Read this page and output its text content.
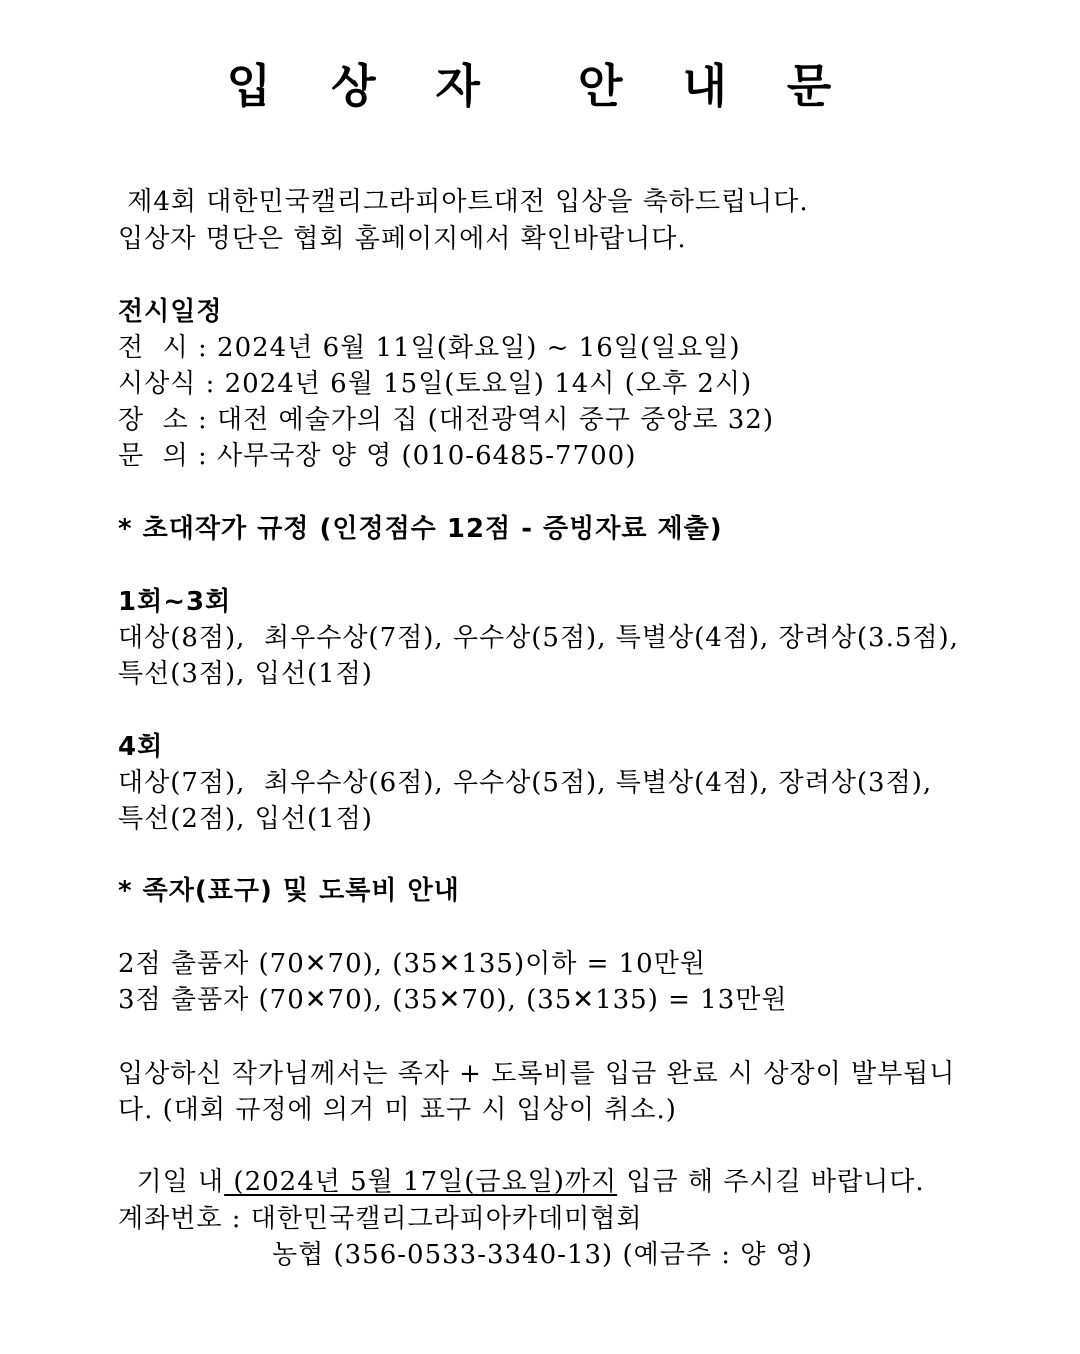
입 상 자  안 내 문
제4회 대한민국캘리그라피아트대전 입상을 축하드립니다.
입상자 명단은 협회 홈페이지에서 확인바랍니다.
전시일정
전  시 : 2024년 6월 11일(화요일) ~ 16일(일요일)
시상식 : 2024년 6월 15일(토요일) 14시 (오후 2시)
장  소 : 대전 예술가의 집 (대전광역시 중구 중앙로 32)
문  의 : 사무국장 양 영 (010-6485-7700)
* 초대작가 규정 (인정점수 12점 - 증빙자료 제출)
1회~3회
대상(8점),  최우수상(7점), 우수상(5점), 특별상(4점), 장려상(3.5점),
특선(3점), 입선(1점)
4회
대상(7점),  최우수상(6점), 우수상(5점), 특별상(4점), 장려상(3점),
특선(2점), 입선(1점)
* 족자(표구) 및 도록비 안내
2점 출품자 (70✕70), (35✕135)이하 = 10만원
3점 출품자 (70✕70), (35✕70), (35✕135) = 13만원
입상하신 작가님께서는 족자 + 도록비를 입금 완료 시 상장이 발부됩니
다. (대회 규정에 의거 미 표구 시 입상이 취소.)

기일 내 (2024년 5월 17일(금요일)까지 입금 해 주시길 바랍니다.

계좌번호 : 대한민국캘리그라피아카데미협회
농협 (356-0533-3340-13) (예금주 : 양 영)
